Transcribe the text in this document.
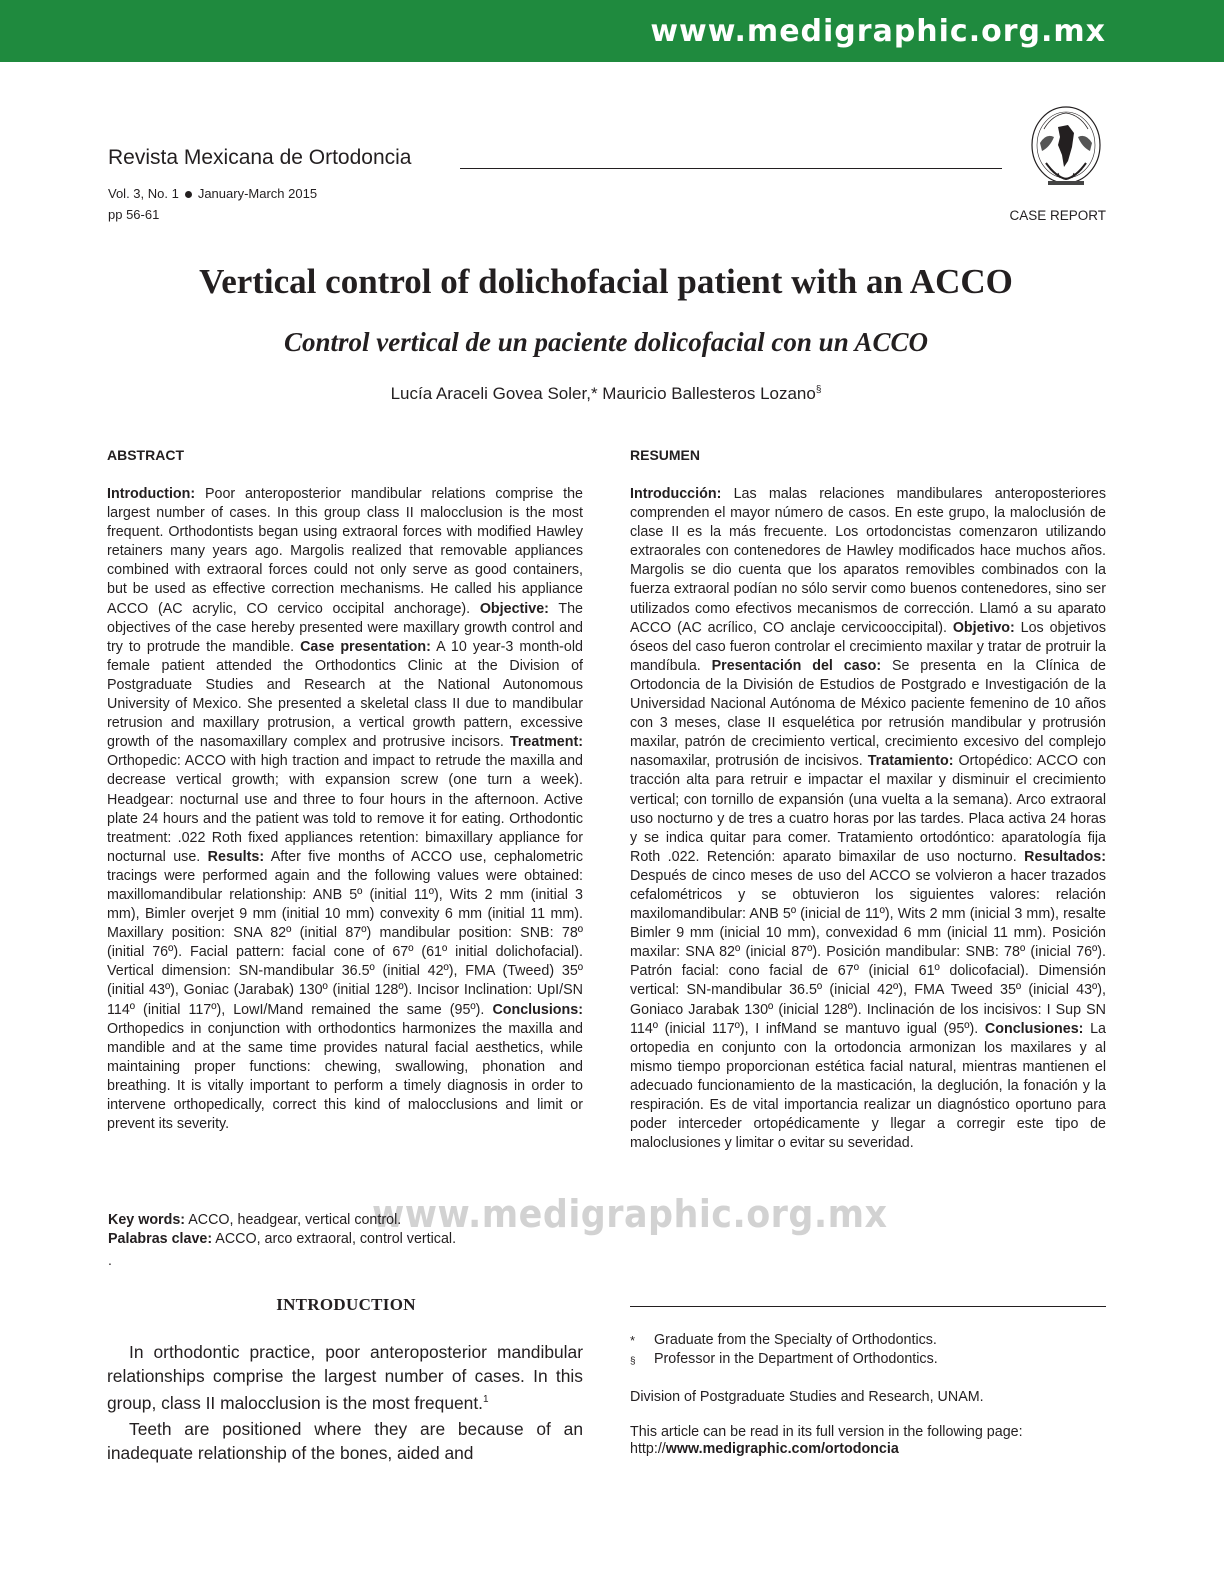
www.medigraphic.org.mx
Revista Mexicana de Ortodoncia
Vol. 3, No. 1 January-March 2015
pp 56-61	CASE REPORT
Vertical control of dolichofacial patient with an ACCO
Control vertical de un paciente dolicofacial con un ACCO
Lucía Araceli Govea Soler,* Mauricio Ballesteros Lozano§
ABSTRACT
Introduction: Poor anteroposterior mandibular relations comprise the largest number of cases. In this group class II malocclusion is the most frequent. Orthodontists began using extraoral forces with modified Hawley retainers many years ago. Margolis realized that removable appliances combined with extraoral forces could not only serve as good containers, but be used as effective correction mechanisms. He called his appliance ACCO (AC acrylic, CO cervico occipital anchorage). Objective: The objectives of the case hereby presented were maxillary growth control and try to protrude the mandible. Case presentation: A 10 year-3 month-old female patient attended the Orthodontics Clinic at the Division of Postgraduate Studies and Research at the National Autonomous University of Mexico. She presented a skeletal class II due to mandibular retrusion and maxillary protrusion, a vertical growth pattern, excessive growth of the nasomaxillary complex and protrusive incisors. Treatment: Orthopedic: ACCO with high traction and impact to retrude the maxilla and decrease vertical growth; with expansion screw (one turn a week). Headgear: nocturnal use and three to four hours in the afternoon. Active plate 24 hours and the patient was told to remove it for eating. Orthodontic treatment: .022 Roth fixed appliances retention: bimaxillary appliance for nocturnal use. Results: After five months of ACCO use, cephalometric tracings were performed again and the following values were obtained: maxillomandibular relationship: ANB 5º (initial 11º), Wits 2 mm (initial 3 mm), Bimler overjet 9 mm (initial 10 mm) convexity 6 mm (initial 11 mm). Maxillary position: SNA 82º (initial 87º) mandibular position: SNB: 78º (initial 76º). Facial pattern: facial cone of 67º (61º initial dolichofacial). Vertical dimension: SN-mandibular 36.5º (initial 42º), FMA (Tweed) 35º (initial 43º), Goniac (Jarabak) 130º (initial 128º). Incisor Inclination: UpI/SN 114º (initial 117º), LowI/Mand remained the same (95º). Conclusions: Orthopedics in conjunction with orthodontics harmonizes the maxilla and mandible and at the same time provides natural facial aesthetics, while maintaining proper functions: chewing, swallowing, phonation and breathing. It is vitally important to perform a timely diagnosis in order to intervene orthopedically, correct this kind of malocclusions and limit or prevent its severity.
RESUMEN
Introducción: Las malas relaciones mandibulares anteroposteriores comprenden el mayor número de casos. En este grupo, la maloclusión de clase II es la más frecuente. Los ortodoncistas comenzaron utilizando extraorales con contenedores de Hawley modificados hace muchos años. Margolis se dio cuenta que los aparatos removibles combinados con la fuerza extraoral podían no sólo servir como buenos contenedores, sino ser utilizados como efectivos mecanismos de corrección. Llamó a su aparato ACCO (AC acrílico, CO anclaje cervicooccipital). Objetivo: Los objetivos óseos del caso fueron controlar el crecimiento maxilar y tratar de protruir la mandíbula. Presentación del caso: Se presenta en la Clínica de Ortodoncia de la División de Estudios de Postgrado e Investigación de la Universidad Nacional Autónoma de México paciente femenino de 10 años con 3 meses, clase II esquelética por retrusión mandibular y protrusión maxilar, patrón de crecimiento vertical, crecimiento excesivo del complejo nasomaxilar, protrusión de incisivos. Tratamiento: Ortopédico: ACCO con tracción alta para retruir e impactar el maxilar y disminuir el crecimiento vertical; con tornillo de expansión (una vuelta a la semana). Arco extraoral uso nocturno y de tres a cuatro horas por las tardes. Placa activa 24 horas y se indica quitar para comer. Tratamiento ortodóntico: aparatología fija Roth .022. Retención: aparato bimaxilar de uso nocturno. Resultados: Después de cinco meses de uso del ACCO se volvieron a hacer trazados cefalométricos y se obtuvieron los siguientes valores: relación maxilomandibular: ANB 5º (inicial de 11º), Wits 2 mm (inicial 3 mm), resalte Bimler 9 mm (inicial 10 mm), convexidad 6 mm (inicial 11 mm). Posición maxilar: SNA 82º (inicial 87º). Posición mandibular: SNB: 78º (inicial 76º). Patrón facial: cono facial de 67º (inicial 61º dolicofacial). Dimensión vertical: SN-mandibular 36.5º (inicial 42º), FMA Tweed 35º (inicial 43º), Goniaco Jarabak 130º (inicial 128º). Inclinación de los incisivos: I Sup SN 114º (inicial 117º), I infMand se mantuvo igual (95º). Conclusiones: La ortopedia en conjunto con la ortodoncia armonizan los maxilares y al mismo tiempo proporcionan estética facial natural, mientras mantienen el adecuado funcionamiento de la masticación, la deglución, la fonación y la respiración. Es de vital importancia realizar un diagnóstico oportuno para poder interceder ortopédicamente y llegar a corregir este tipo de maloclusiones y limitar o evitar su severidad.
www.medigraphic.org.mx
Key words: ACCO, headgear, vertical control.
Palabras clave: ACCO, arco extraoral, control vertical.
.
INTRODUCTION

In orthodontic practice, poor anteroposterior mandibular relationships comprise the largest number of cases. In this group, class II malocclusion is the most frequent.$^1$

Teeth are positioned where they are because of an inadequate relationship of the bones, aided and

* Graduate from the Specialty of Orthodontics.
§ Professor in the Department of Orthodontics.
Division of Postgraduate Studies and Research, UNAM.
This article can be read in its full version in the following page:
http://www.medigraphic.com/ortodoncia
